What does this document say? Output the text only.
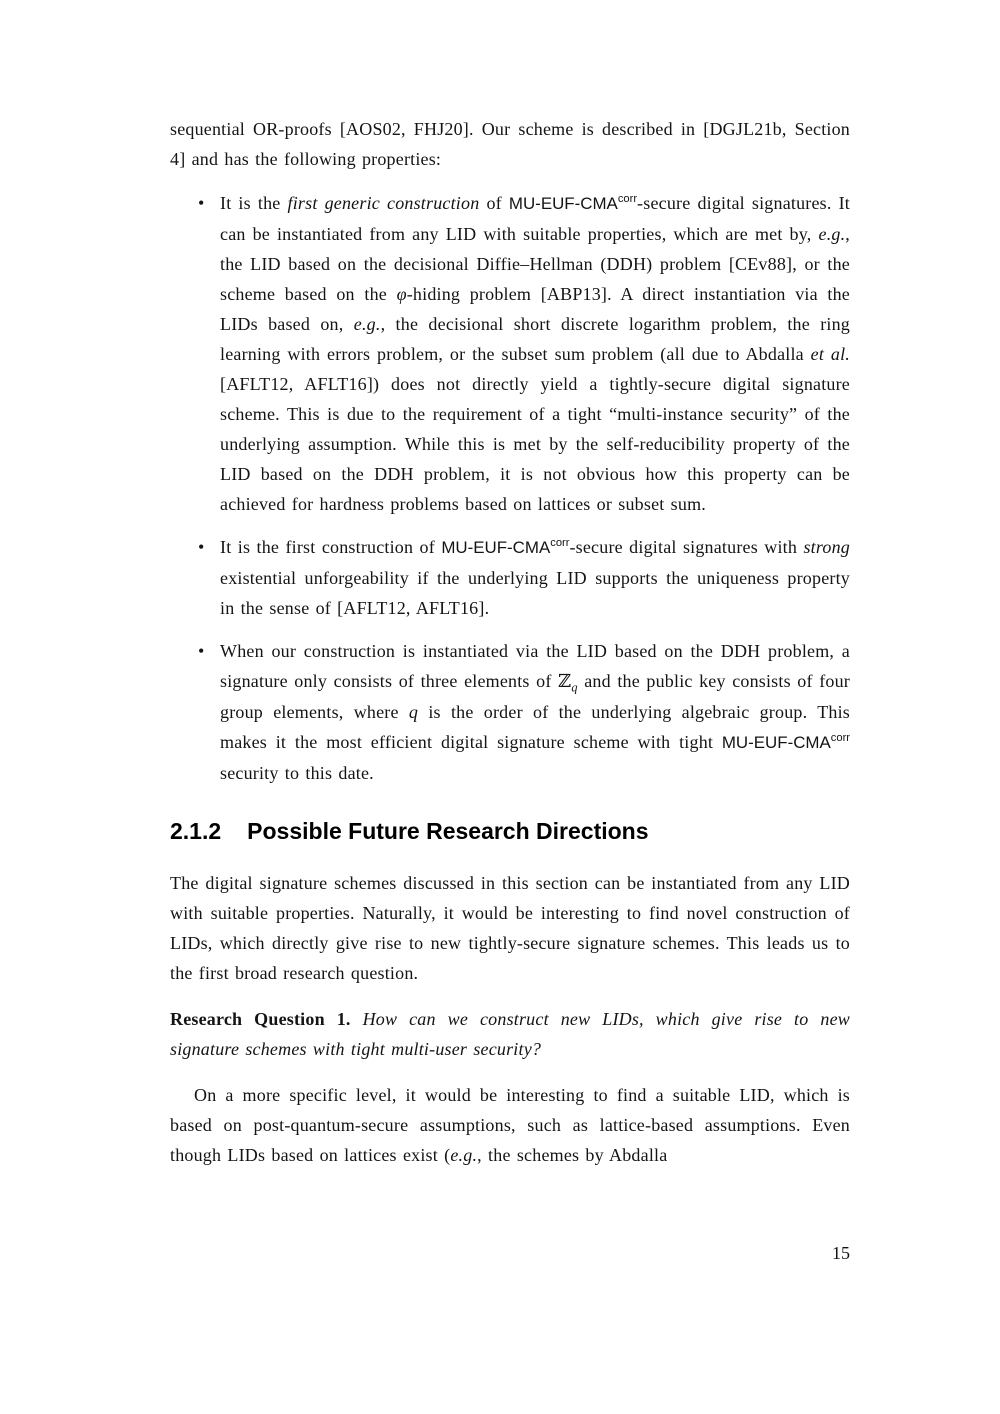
sequential OR-proofs [AOS02, FHJ20]. Our scheme is described in [DGJL21b, Section 4] and has the following properties:

• It is the first generic construction of $MU-EUF-CMA^{corr}$-secure digital signatures. It can be instantiated from any LID with suitable properties, which are met by, e.g., the LID based on the decisional Diffie–Hellman (DDH) problem [CEv88], or the scheme based on the φ-hiding problem [ABP13]. A direct instantiation via the LIDs based on, e.g., the decisional short discrete logarithm problem, the ring learning with errors problem, or the subset sum problem (all due to Abdalla et al. [AFLT12, AFLT16]) does not directly yield a tightly-secure digital signature scheme. This is due to the requirement of a tight “multi-instance security” of the underlying assumption. While this is met by the self-reducibility property of the LID based on the DDH problem, it is not obvious how this property can be achieved for hardness problems based on lattices or subset sum.

• It is the first construction of $MU-EUF-CMA^{corr}$-secure digital signatures with strong existential unforgeability if the underlying LID supports the uniqueness property in the sense of [AFLT12, AFLT16].

• When our construction is instantiated via the LID based on the DDH problem, a signature only consists of three elements of ℤ$_q$ and the public key consists of four group elements, where q is the order of the underlying algebraic group. This makes it the most efficient digital signature scheme with tight $MU-EUF-CMA^{corr}$ security to this date.

2.1.2 Possible Future Research Directions

The digital signature schemes discussed in this section can be instantiated from any LID with suitable properties. Naturally, it would be interesting to find novel construction of LIDs, which directly give rise to new tightly-secure signature schemes. This leads us to the first broad research question.

Research Question 1. How can we construct new LIDs, which give rise to new signature schemes with tight multi-user security?

On a more specific level, it would be interesting to find a suitable LID, which is based on post-quantum-secure assumptions, such as lattice-based assumptions. Even though LIDs based on lattices exist (e.g., the schemes by Abdalla

15
